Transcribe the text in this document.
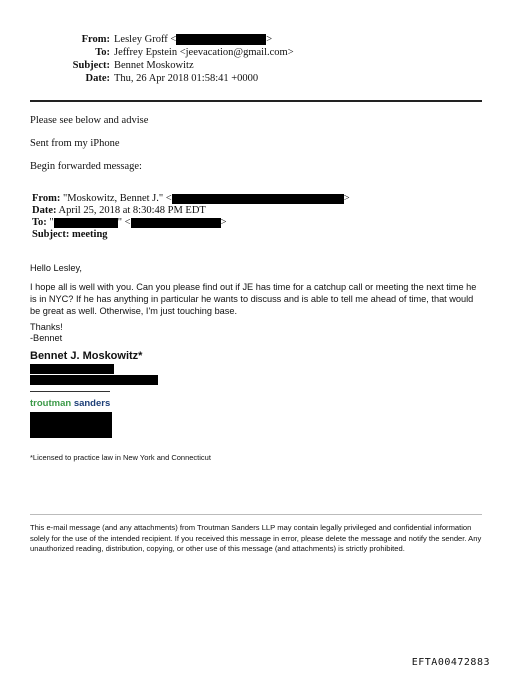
From: Lesley Groff <	>
To: Jeffrey Epstein <jeevacation@gmail.com>
Subject: Bennet Moskowitz
Date: Thu, 26 Apr 2018 01:58:41 +0000
Please see below and advise
Sent from my iPhone
Begin forwarded message:
From: "Moskowitz, Bennet J." <	>
Date: April 25, 2018 at 8:30:48 PM EDT
To: "	" <	>
Subject: meeting
Hello Lesley,
I hope all is well with you. Can you please find out if JE has time for a catchup call or meeting the next time he is in NYC? If he has anything in particular he wants to discuss and is able to tell me ahead of time, that would be great as well. Otherwise, I'm just touching base.
Thanks!
-Bennet
Bennet J. Moskowitz*
troutman sanders
*Licensed to practice law in New York and Connecticut
This e-mail message (and any attachments) from Troutman Sanders LLP may contain legally privileged and confidential information solely for the use of the intended recipient. If you received this message in error, please delete the message and notify the sender. Any unauthorized reading, distribution, copying, or other use of this message (and attachments) is strictly prohibited.
EFTA00472883
